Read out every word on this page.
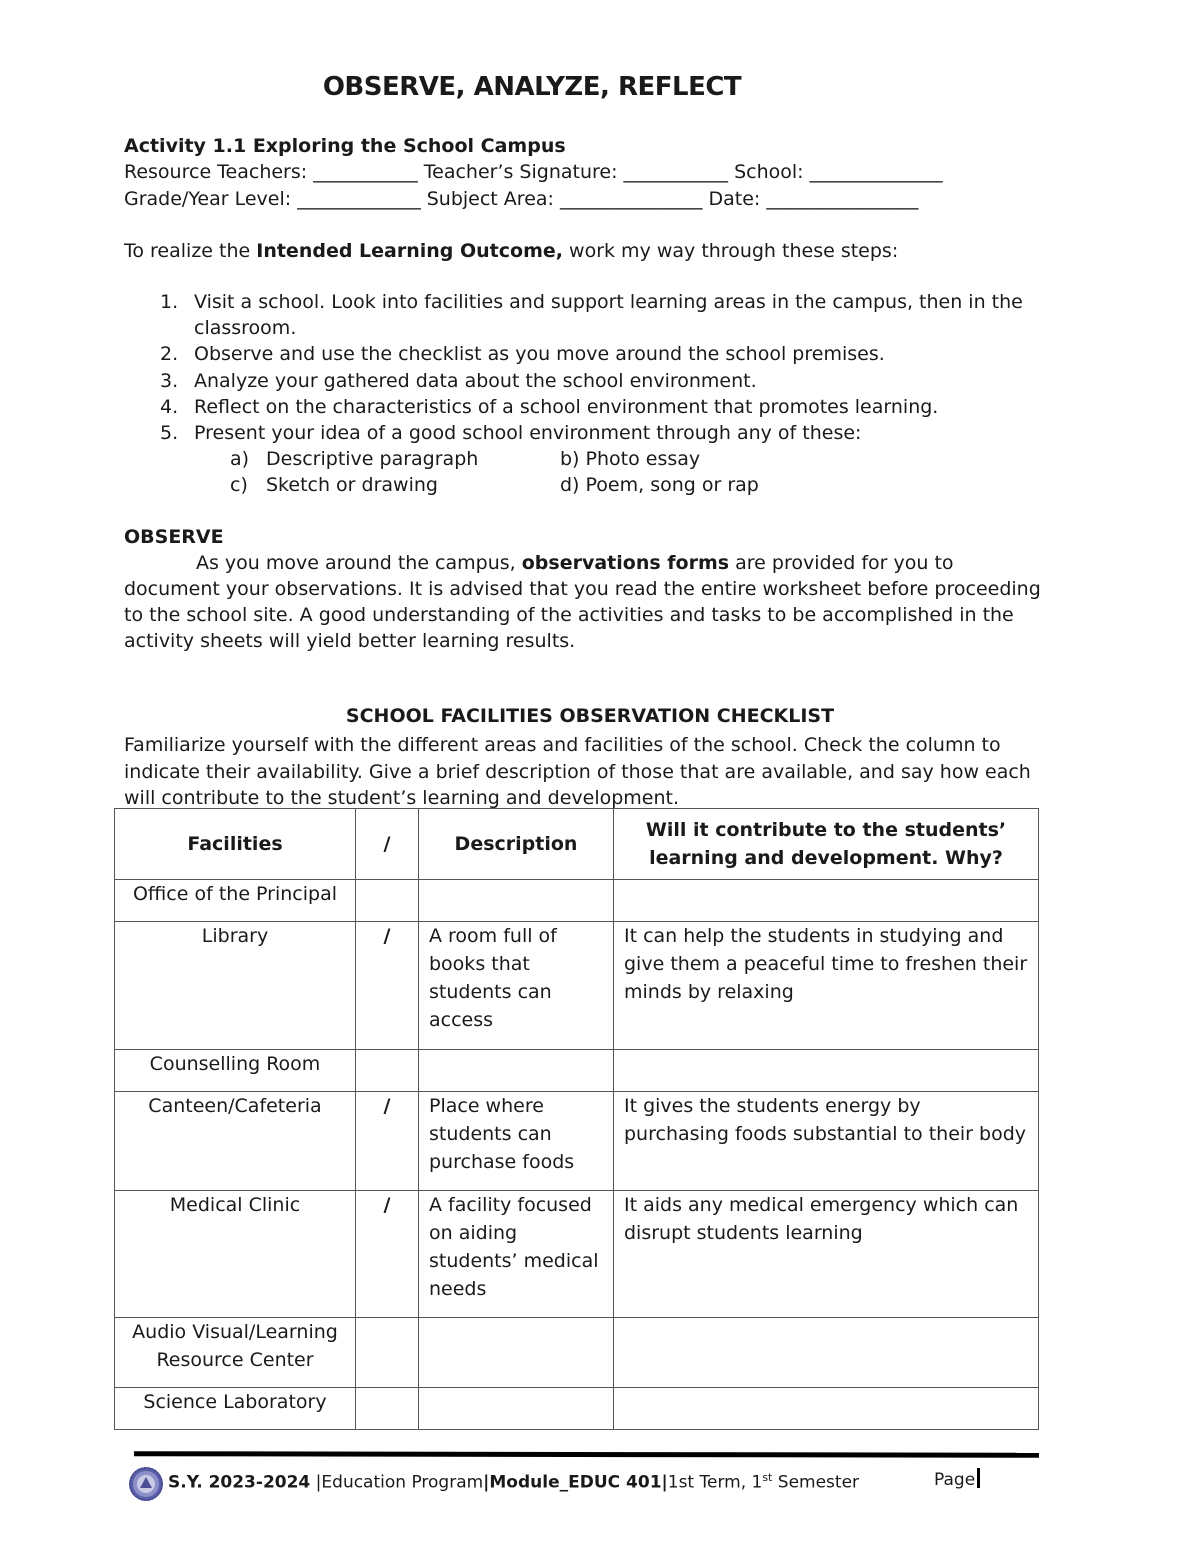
OBSERVE, ANALYZE, REFLECT
Activity 1.1 Exploring the School Campus
Resource Teachers: ___________ Teacher’s Signature: ___________ School: ______________
Grade/Year Level: _____________ Subject Area: _______________ Date: ________________
To realize the Intended Learning Outcome, work my way through these steps:
1. Visit a school. Look into facilities and support learning areas in the campus, then in the classroom.
2. Observe and use the checklist as you move around the school premises.
3. Analyze your gathered data about the school environment.
4. Reflect on the characteristics of a school environment that promotes learning.
5. Present your idea of a good school environment through any of these:
a) Descriptive paragraph	b) Photo essay
c) Sketch or drawing	d) Poem, song or rap
OBSERVE
As you move around the campus, observations forms are provided for you to document your observations. It is advised that you read the entire worksheet before proceeding to the school site. A good understanding of the activities and tasks to be accomplished in the activity sheets will yield better learning results.
SCHOOL FACILITIES OBSERVATION CHECKLIST
Familiarize yourself with the different areas and facilities of the school. Check the column to indicate their availability. Give a brief description of those that are available, and say how each will contribute to the student’s learning and development.
Facilities	/	Description	Will it contribute to the students’ learning and development. Why?
Office of the Principal			
Library	/	A room full of books that students can access	It can help the students in studying and give them a peaceful time to freshen their minds by relaxing
Counselling Room			
Canteen/Cafeteria	/	Place where students can purchase foods	It gives the students energy by purchasing foods substantial to their body
Medical Clinic	/	A facility focused on aiding students’ medical needs	It aids any medical emergency which can disrupt students learning
Audio Visual/Learning Resource Center			
Science Laboratory			
S.Y. 2023-2024 |Education Program|Module_EDUC 401|1st Term, 1st Semester	Page
